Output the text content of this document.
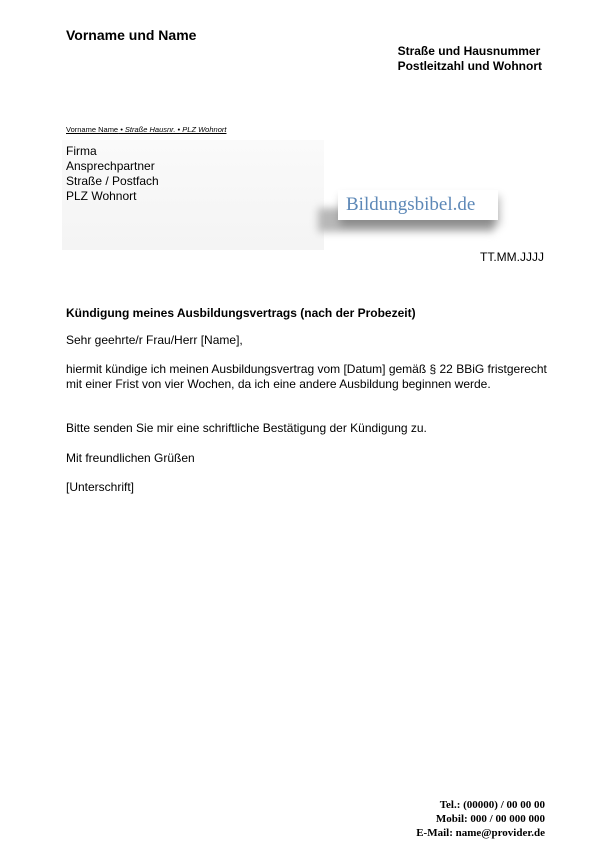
Vorname und Name
Straße und Hausnummer
Postleitzahl und Wohnort
Vorname Name • Straße Hausnr. • PLZ Wohnort
Firma
Ansprechpartner
Straße / Postfach
PLZ Wohnort	Bildungsbibel.de
TT.MM.JJJJ
Kündigung meines Ausbildungsvertrags (nach der Probezeit)
Sehr geehrte/r Frau/Herr [Name],
hiermit kündige ich meinen Ausbildungsvertrag vom [Datum] gemäß § 22 BBiG fristgerecht mit einer Frist von vier Wochen, da ich eine andere Ausbildung beginnen werde.
Bitte senden Sie mir eine schriftliche Bestätigung der Kündigung zu.
Mit freundlichen Grüßen
[Unterschrift]
Tel.: (00000) / 00 00 00
Mobil: 000 / 00 000 000
E-Mail: name@provider.de
